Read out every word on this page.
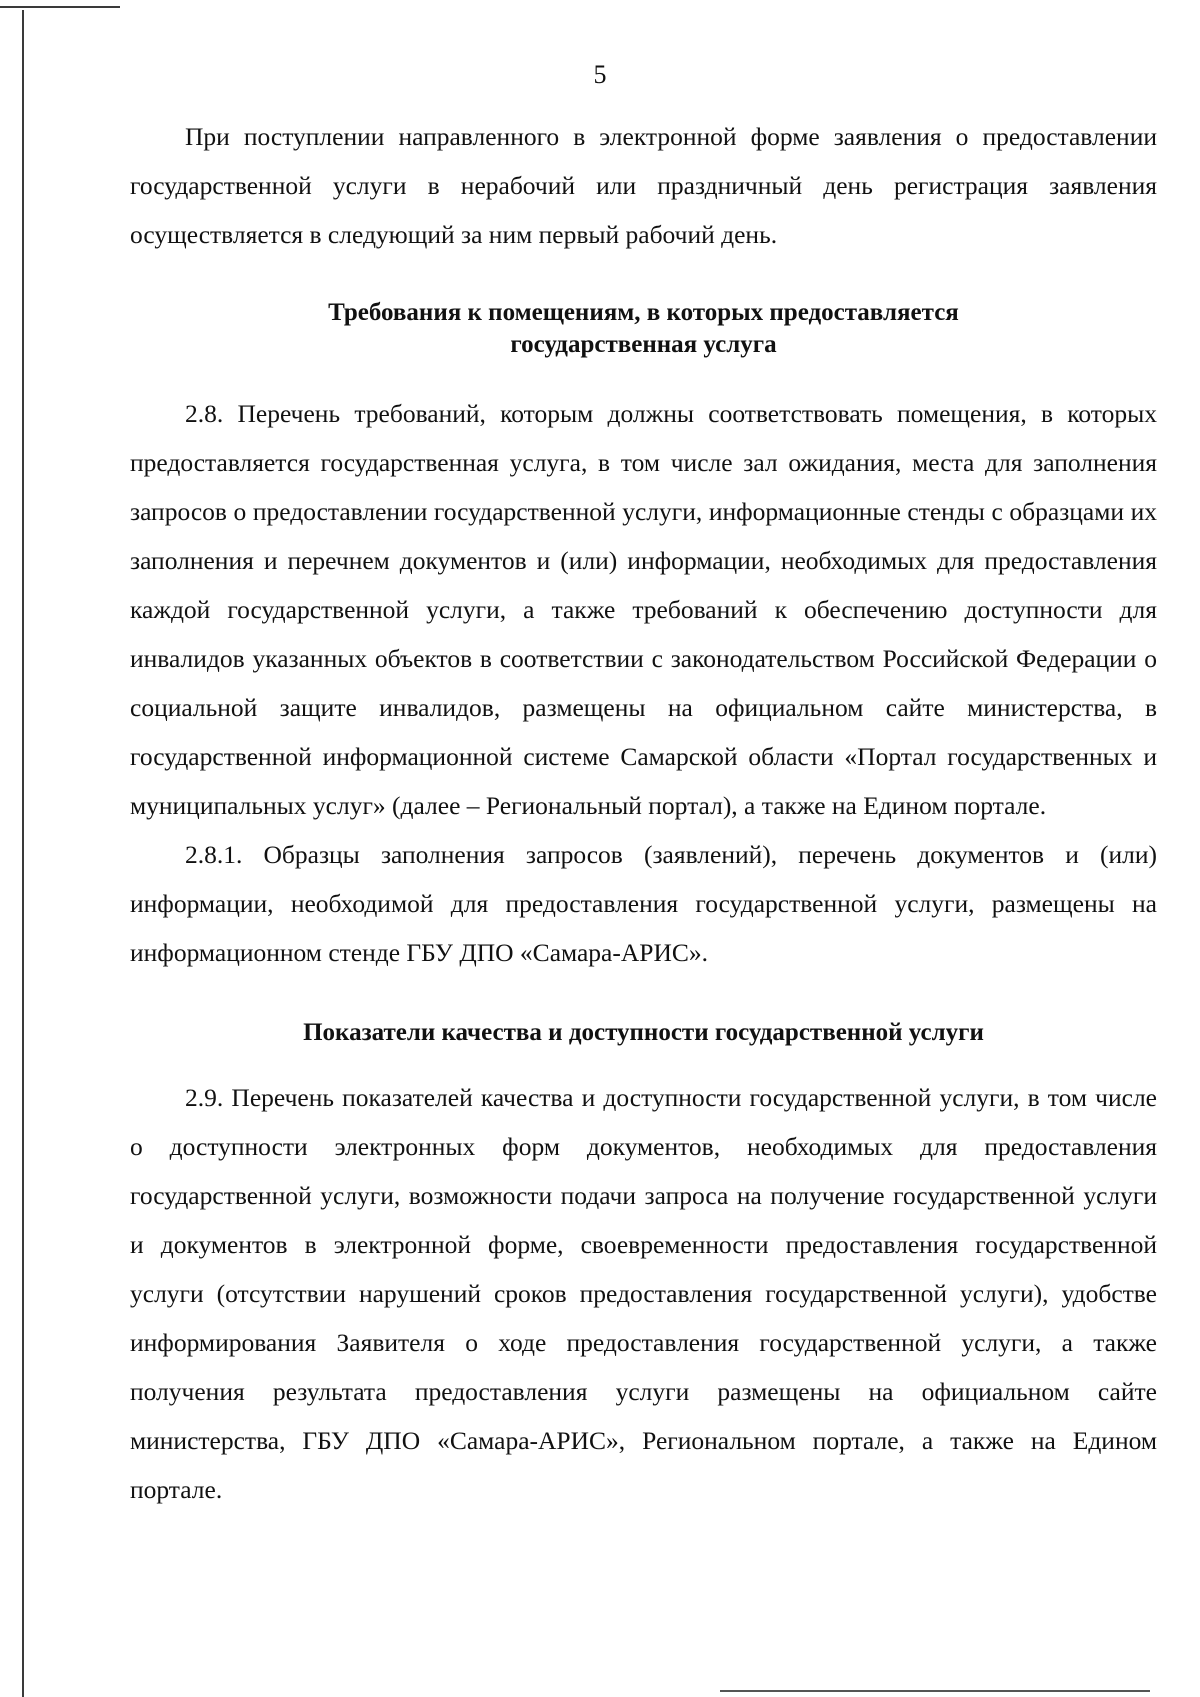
5

При поступлении направленного в электронной форме заявления о предоставлении государственной услуги в нерабочий или праздничный день регистрация заявления осуществляется в следующий за ним первый рабочий день.

Требования к помещениям, в которых предоставляется
государственная услуга

2.8. Перечень требований, которым должны соответствовать помещения, в которых предоставляется государственная услуга, в том числе зал ожидания, места для заполнения запросов о предоставлении государственной услуги, информационные стенды с образцами их заполнения и перечнем документов и (или) информации, необходимых для предоставления каждой государственной услуги, а также требований к обеспечению доступности для инвалидов указанных объектов в соответствии с законодательством Российской Федерации о социальной защите инвалидов, размещены на официальном сайте министерства, в государственной информационной системе Самарской области «Портал государственных и муниципальных услуг» (далее – Региональный портал), а также на Едином портале.

2.8.1. Образцы заполнения запросов (заявлений), перечень документов и (или) информации, необходимой для предоставления государственной услуги, размещены на информационном стенде ГБУ ДПО «Самара-АРИС».

Показатели качества и доступности государственной услуги

2.9. Перечень показателей качества и доступности государственной услуги, в том числе о доступности электронных форм документов, необходимых для предоставления государственной услуги, возможности подачи запроса на получение государственной услуги и документов в электронной форме, своевременности предоставления государственной услуги (отсутствии нарушений сроков предоставления государственной услуги), удобстве информирования Заявителя о ходе предоставления государственной услуги, а также получения результата предоставления услуги размещены на официальном сайте министерства, ГБУ ДПО «Самара-АРИС», Региональном портале, а также на Едином портале.
